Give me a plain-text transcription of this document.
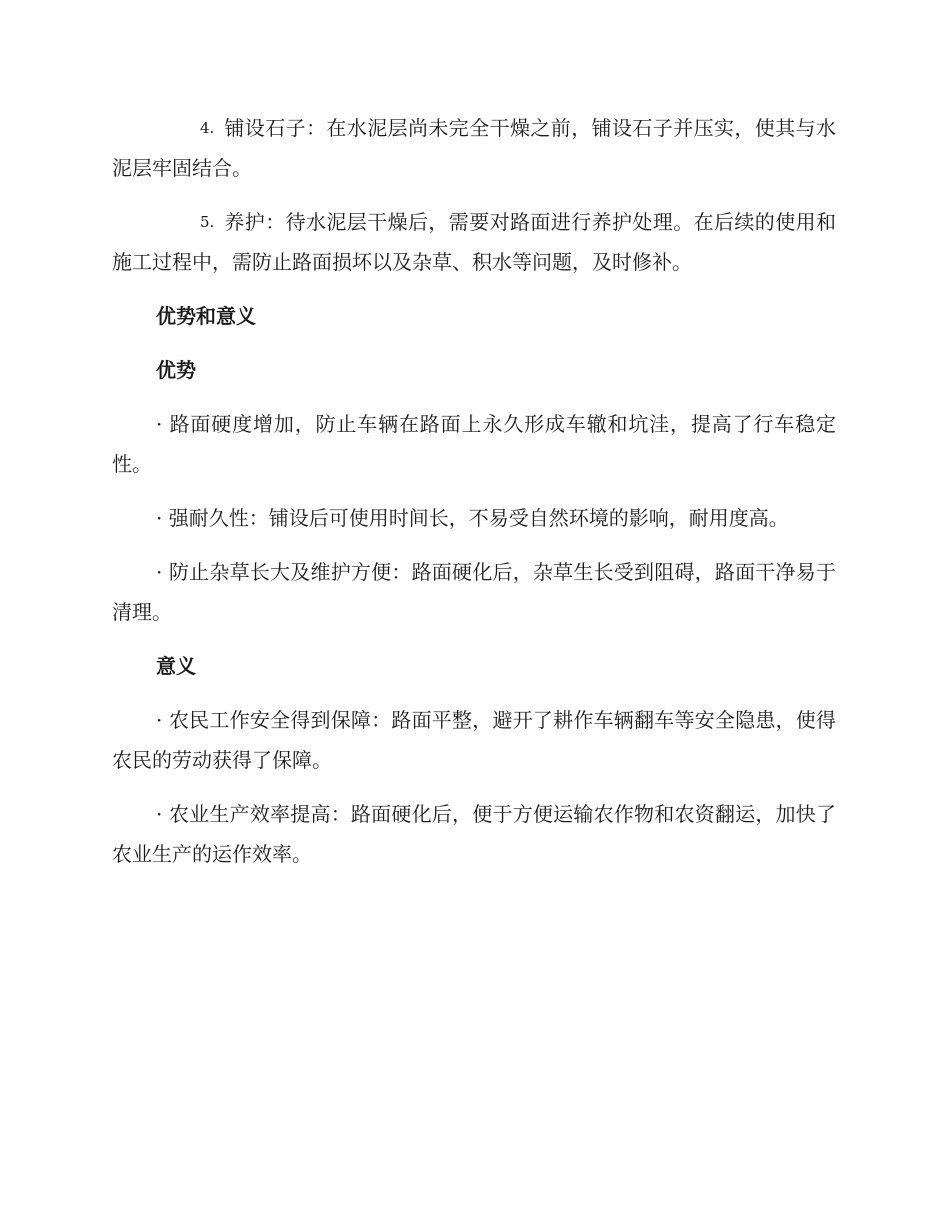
4. 铺设石子：在水泥层尚未完全干燥之前，铺设石子并压实，使其与水泥层牢固结合。

5. 养护：待水泥层干燥后，需要对路面进行养护处理。在后续的使用和施工过程中，需防止路面损坏以及杂草、积水等问题，及时修补。

优势和意义
优势

· 路面硬度增加，防止车辆在路面上永久形成车辙和坑洼，提高了行车稳定性。

· 强耐久性：铺设后可使用时间长，不易受自然环境的影响，耐用度高。

· 防止杂草长大及维护方便：路面硬化后，杂草生长受到阻碍，路面干净易于清理。

意义

· 农民工作安全得到保障：路面平整，避开了耕作车辆翻车等安全隐患，使得农民的劳动获得了保障。

· 农业生产效率提高：路面硬化后，便于方便运输农作物和农资翻运，加快了农业生产的运作效率。
